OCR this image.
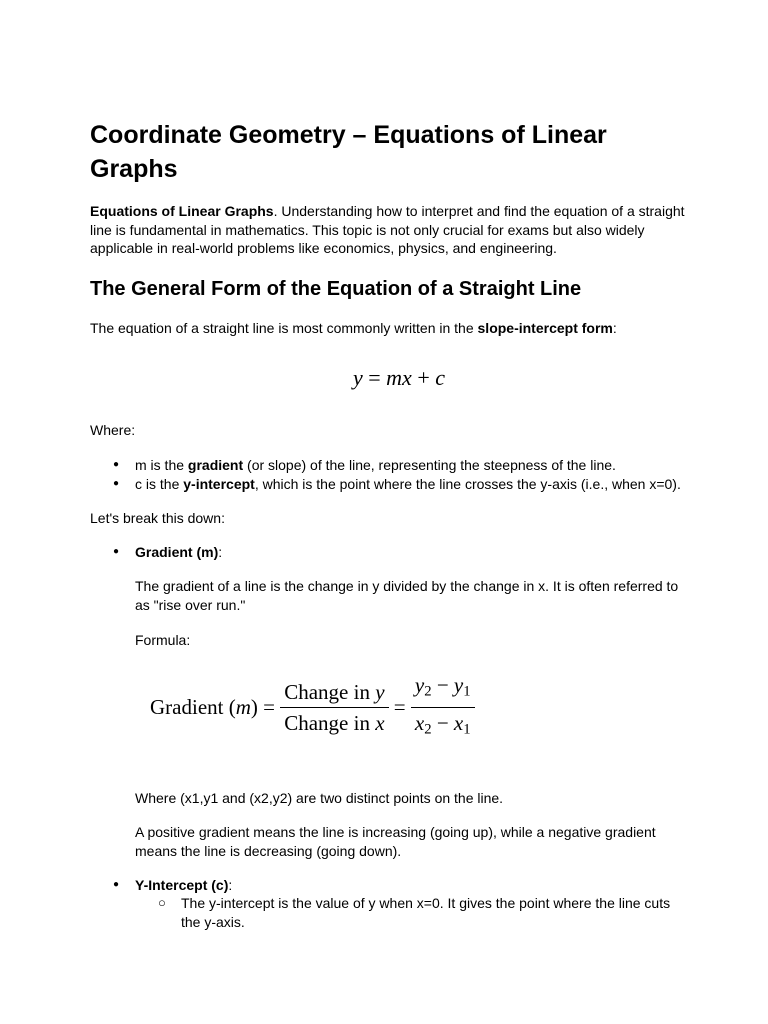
Coordinate Geometry – Equations of Linear Graphs

Equations of Linear Graphs. Understanding how to interpret and find the equation of a straight line is fundamental in mathematics. This topic is not only crucial for exams but also widely applicable in real-world problems like economics, physics, and engineering.

The General Form of the Equation of a Straight Line

The equation of a straight line is most commonly written in the slope-intercept form:

y = mx + c

Where:

● m is the gradient (or slope) of the line, representing the steepness of the line.

● c is the y-intercept, which is the point where the line crosses the y-axis (i.e., when x=0).

Let's break this down:

● Gradient (m):

The gradient of a line is the change in y divided by the change in x. It is often referred to as "rise over run."

Formula:

Gradient ( m ) = $\frac{\text{Change in y}}{\text{Change in x}} = \frac{y_2 - y_1}{x_2 - x_1}$

Where (x1,y1 and (x2,y2) are two distinct points on the line.

A positive gradient means the line is increasing (going up), while a negative gradient means the line is decreasing (going down).

● Y-Intercept (c):

○ The y-intercept is the value of y when x=0. It gives the point where the line cuts the y-axis.
